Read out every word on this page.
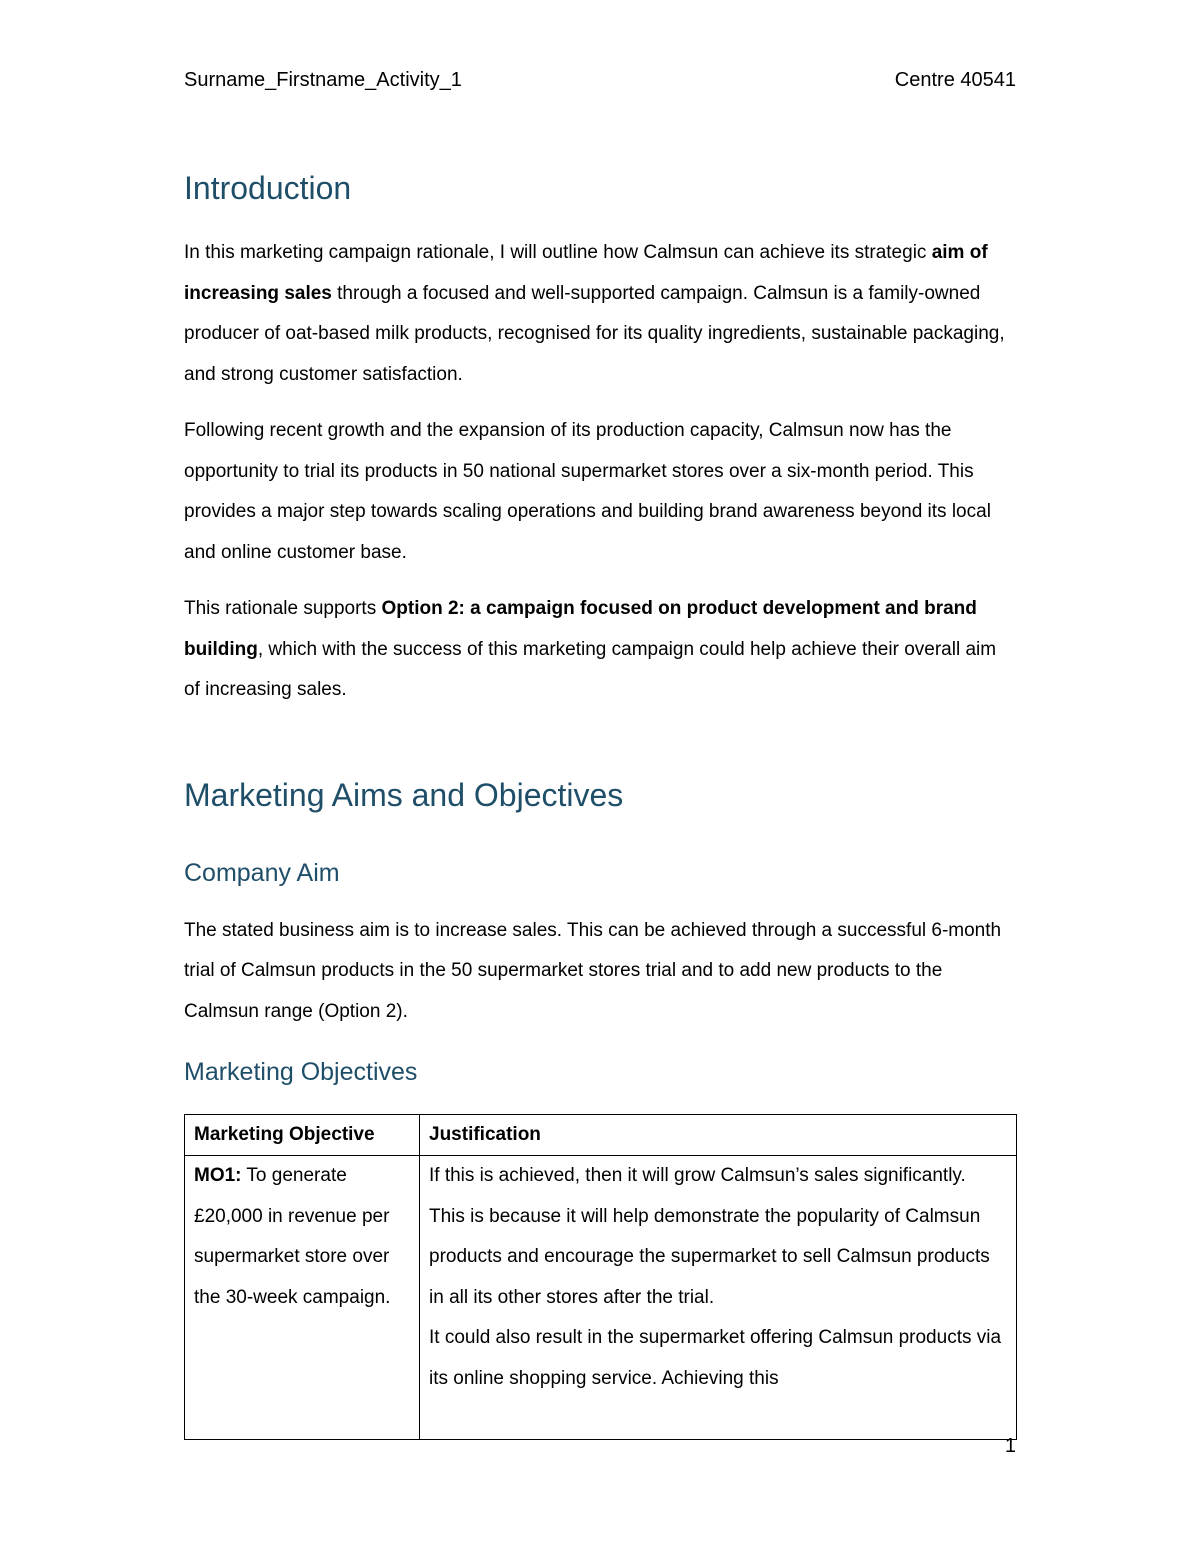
Surname_Firstname_Activity_1	Centre 40541
Introduction

In this marketing campaign rationale, I will outline how Calmsun can achieve its strategic aim of increasing sales through a focused and well-supported campaign. Calmsun is a family-owned producer of oat-based milk products, recognised for its quality ingredients, sustainable packaging, and strong customer satisfaction.

Following recent growth and the expansion of its production capacity, Calmsun now has the opportunity to trial its products in 50 national supermarket stores over a six-month period. This provides a major step towards scaling operations and building brand awareness beyond its local and online customer base.

This rationale supports Option 2: a campaign focused on product development and brand building, which with the success of this marketing campaign could help achieve their overall aim of increasing sales.

Marketing Aims and Objectives
Company Aim

The stated business aim is to increase sales. This can be achieved through a successful 6-month trial of Calmsun products in the 50 supermarket stores trial and to add new products to the Calmsun range (Option 2).

Marketing Objectives
Marketing Objective	Justification
MO1: To generate £20,000 in revenue per supermarket store over the 30-week campaign.	If this is achieved, then it will grow Calmsun’s sales significantly. This is because it will help demonstrate the popularity of Calmsun products and encourage the supermarket to sell Calmsun products in all its other stores after the trial.
It could also result in the supermarket offering Calmsun products via its online shopping service. Achieving this
1
